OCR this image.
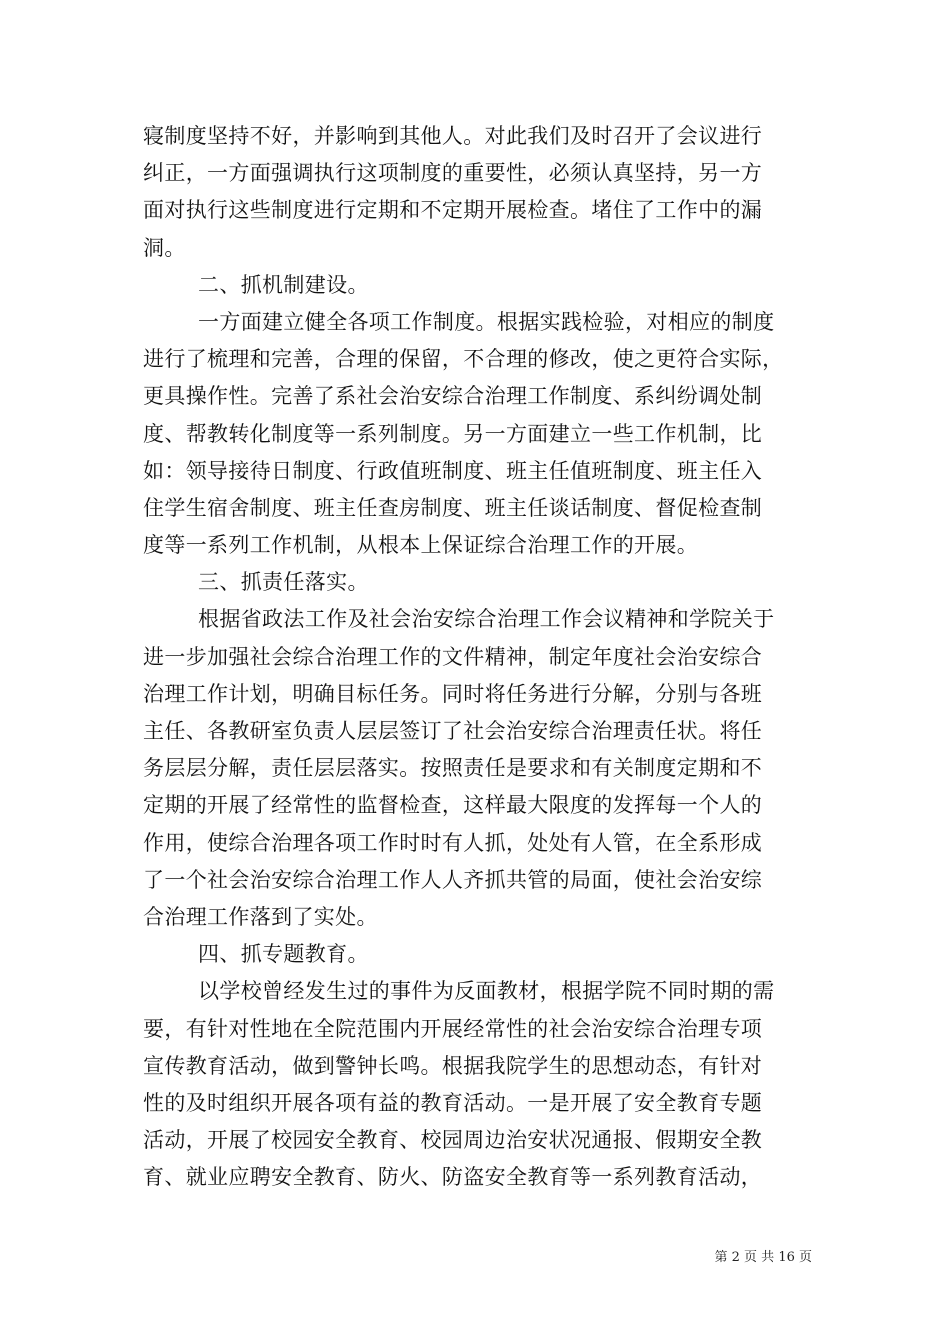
寝制度坚持不好，并影响到其他人。对此我们及时召开了会议进行
纠正，一方面强调执行这项制度的重要性，必须认真坚持，另一方
面对执行这些制度进行定期和不定期开展检查。堵住了工作中的漏
洞。
二、抓机制建设。
一方面建立健全各项工作制度。根据实践检验，对相应的制度
进行了梳理和完善，合理的保留，不合理的修改，使之更符合实际，
更具操作性。完善了系社会治安综合治理工作制度、系纠纷调处制
度、帮教转化制度等一系列制度。另一方面建立一些工作机制，比
如：领导接待日制度、行政值班制度、班主任值班制度、班主任入
住学生宿舍制度、班主任查房制度、班主任谈话制度、督促检查制
度等一系列工作机制，从根本上保证综合治理工作的开展。
三、抓责任落实。
根据省政法工作及社会治安综合治理工作会议精神和学院关于
进一步加强社会综合治理工作的文件精神，制定年度社会治安综合
治理工作计划，明确目标任务。同时将任务进行分解，分别与各班
主任、各教研室负责人层层签订了社会治安综合治理责任状。将任
务层层分解，责任层层落实。按照责任是要求和有关制度定期和不
定期的开展了经常性的监督检查，这样最大限度的发挥每一个人的
作用，使综合治理各项工作时时有人抓，处处有人管，在全系形成
了一个社会治安综合治理工作人人齐抓共管的局面，使社会治安综
合治理工作落到了实处。
四、抓专题教育。
以学校曾经发生过的事件为反面教材，根据学院不同时期的需
要，有针对性地在全院范围内开展经常性的社会治安综合治理专项
宣传教育活动，做到警钟长鸣。根据我院学生的思想动态，有针对
性的及时组织开展各项有益的教育活动。一是开展了安全教育专题
活动，开展了校园安全教育、校园周边治安状况通报、假期安全教
育、就业应聘安全教育、防火、防盗安全教育等一系列教育活动，
第 2 页 共 16 页
